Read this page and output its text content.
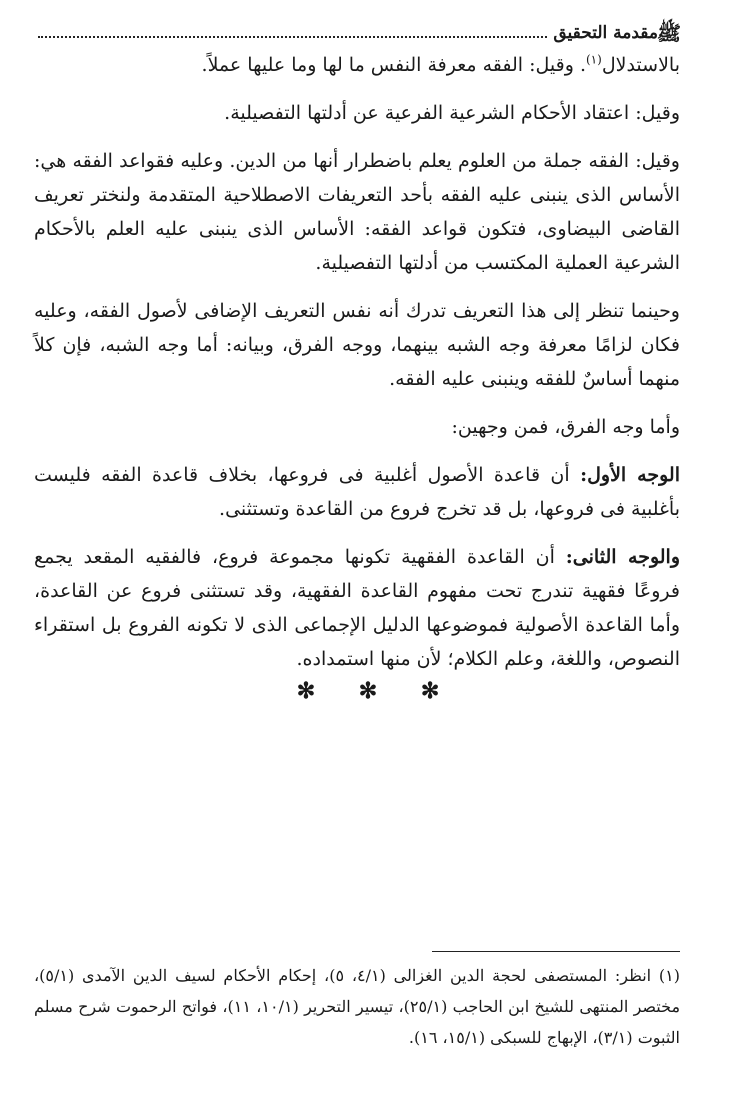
ﷺ
مقدمة التحقيق

بالاستدلال$^{(١)}$. وقيل: الفقه معرفة النفس ما لها وما عليها عملاً.

وقيل: اعتقاد الأحكام الشرعية الفرعية عن أدلتها التفصيلية.

وقيل: الفقه جملة من العلوم يعلم باضطرار أنها من الدين. وعليه فقواعد الفقه هي: الأساس الذى ينبنى عليه الفقه بأحد التعريفات الاصطلاحية المتقدمة ولنختر تعريف القاضى البيضاوى، فتكون قواعد الفقه: الأساس الذى ينبنى عليه العلم بالأحكام الشرعية العملية المكتسب من أدلتها التفصيلية.

وحينما تنظر إلى هذا التعريف تدرك أنه نفس التعريف الإضافى لأصول الفقه، وعليه فكان لزامًا معرفة وجه الشبه بينهما، ووجه الفرق، وبيانه: أما وجه الشبه، فإن كلاً منهما أساسٌ للفقه وينبنى عليه الفقه.

وأما وجه الفرق، فمن وجهين:

الوجه الأول: أن قاعدة الأصول أغلبية فى فروعها، بخلاف قاعدة الفقه فليست بأغلبية فى فروعها، بل قد تخرج فروع من القاعدة وتستثنى.

والوجه الثانى: أن القاعدة الفقهية تكونها مجموعة فروع، فالفقيه المقعد يجمع فروعًا فقهية تندرج تحت مفهوم القاعدة الفقهية، وقد تستثنى فروع عن القاعدة، وأما القاعدة الأصولية فموضوعها الدليل الإجماعى الذى لا تكونه الفروع بل استقراء النصوص، واللغة، وعلم الكلام؛ لأن منها استمداده.

✻ ✻ ✻

(١) انظر: المستصفى لحجة الدين الغزالى (٤/١، ٥)، إحكام الأحكام لسيف الدين الآمدى (٥/١)، مختصر المنتهى للشيخ ابن الحاجب (٢٥/١)، تيسير التحرير (١٠/١، ١١)، فواتح الرحموت شرح مسلم الثبوت (٣/١)، الإبهاج للسبكى (١٥/١، ١٦).
